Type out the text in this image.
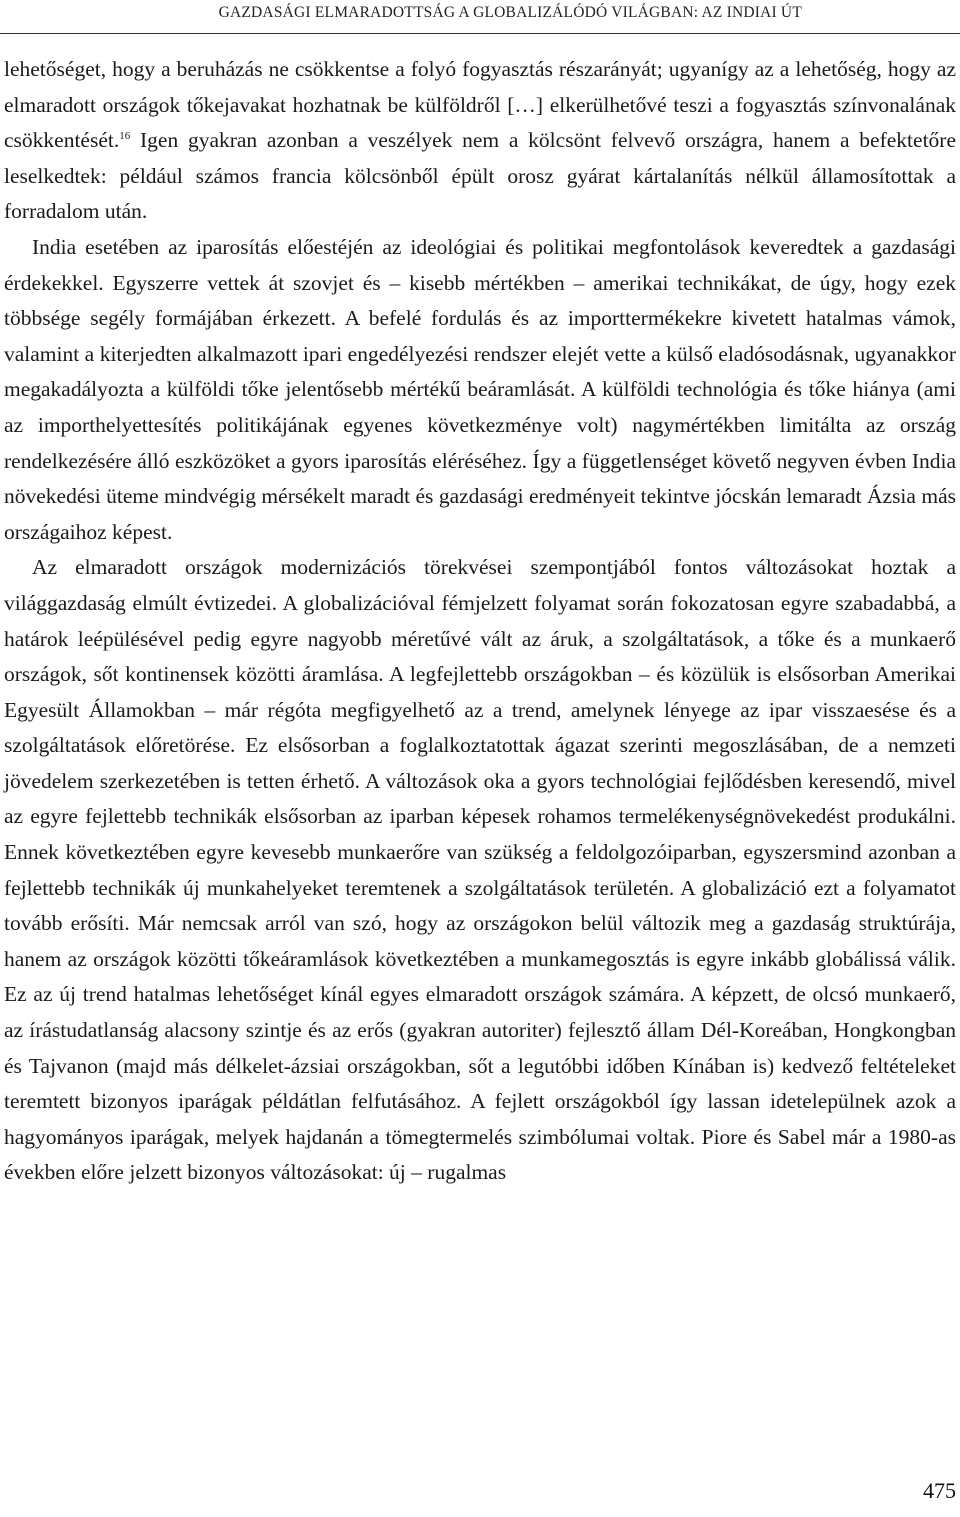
GAZDASÁGI ELMARADOTTSÁG A GLOBALIZÁLÓDÓ VILÁGBAN: AZ INDIAI ÚT

lehetőséget, hogy a beruházás ne csökkentse a folyó fogyasztás részarányát; ugyanígy az a lehetőség, hogy az elmaradott országok tőkejavakat hozhatnak be külföldről […] elkerülhetővé teszi a fogyasztás színvonalának csökkentését.$^{16}$ Igen gyakran azonban a veszélyek nem a kölcsönt felvevő országra, hanem a befektetőre leselkedtek: például számos francia kölcsönből épült orosz gyárat kártalanítás nélkül államosítottak a forradalom után.

India esetében az iparosítás előestéjén az ideológiai és politikai megfontolások keveredtek a gazdasági érdekekkel. Egyszerre vettek át szovjet és – kisebb mértékben – amerikai technikákat, de úgy, hogy ezek többsége segély formájában érkezett. A befelé fordulás és az importtermékekre kivetett hatalmas vámok, valamint a kiterjedten alkalmazott ipari engedélyezési rendszer elejét vette a külső eladósodásnak, ugyanakkor megakadályozta a külföldi tőke jelentősebb mértékű beáramlását. A külföldi technológia és tőke hiánya (ami az importhelyettesítés politikájának egyenes következménye volt) nagymértékben limitálta az ország rendelkezésére álló eszközöket a gyors iparosítás eléréséhez. Így a függetlenséget követő negyven évben India növekedési üteme mindvégig mérsékelt maradt és gazdasági eredményeit tekintve jócskán lemaradt Ázsia más országaihoz képest.

Az elmaradott országok modernizációs törekvései szempontjából fontos változásokat hoztak a világgazdaság elmúlt évtizedei. A globalizációval fémjelzett folyamat során fokozatosan egyre szabadabbá, a határok leépülésével pedig egyre nagyobb méretűvé vált az áruk, a szolgáltatások, a tőke és a munkaerő országok, sőt kontinensek közötti áramlása. A legfejlettebb országokban – és közülük is elsősorban Amerikai Egyesült Államokban – már régóta megfigyelhető az a trend, amelynek lényege az ipar visszaesése és a szolgáltatások előretörése. Ez elsősorban a foglalkoztatottak ágazat szerinti megoszlásában, de a nemzeti jövedelem szerkezetében is tetten érhető. A változások oka a gyors technológiai fejlődésben keresendő, mivel az egyre fejlettebb technikák elsősorban az iparban képesek rohamos termelékenységnövekedést produkálni. Ennek következtében egyre kevesebb munkaerőre van szükség a feldolgozóiparban, egyszersmind azonban a fejlettebb technikák új munkahelyeket teremtenek a szolgáltatások területén. A globalizáció ezt a folyamatot tovább erősíti. Már nemcsak arról van szó, hogy az országokon belül változik meg a gazdaság struktúrája, hanem az országok közötti tőkeáramlások következtében a munkamegosztás is egyre inkább globálissá válik. Ez az új trend hatalmas lehetőséget kínál egyes elmaradott országok számára. A képzett, de olcsó munkaerő, az írástudatlanság alacsony szintje és az erős (gyakran autoriter) fejlesztő állam Dél-Koreában, Hongkongban és Tajvanon (majd más délkelet-ázsiai országokban, sőt a legutóbbi időben Kínában is) kedvező feltételeket teremtett bizonyos iparágak példátlan felfutásához. A fejlett országokból így lassan idetelepülnek azok a hagyományos iparágak, melyek hajdanán a tömegtermelés szimbólumai voltak. Piore és Sabel már a 1980-as években előre jelzett bizonyos változásokat: új – rugalmas

475
